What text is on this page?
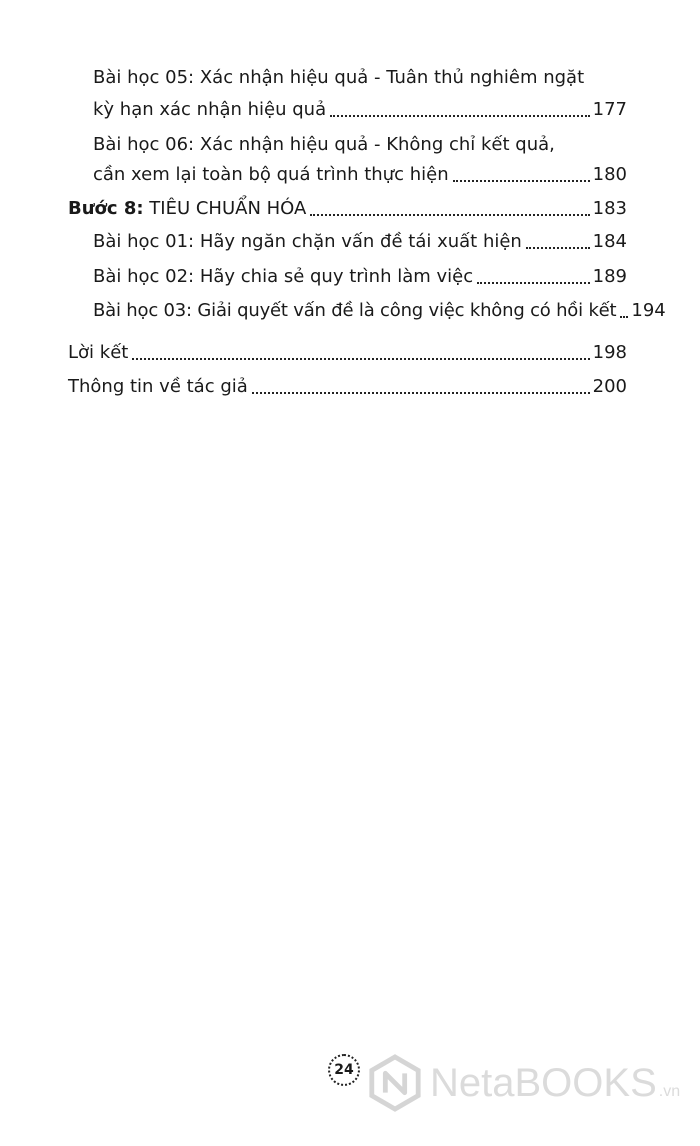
Bài học 05: Xác nhận hiệu quả - Tuân thủ nghiêm ngặt
kỳ hạn xác nhận hiệu quả	177
Bài học 06: Xác nhận hiệu quả - Không chỉ kết quả,
cần xem lại toàn bộ quá trình thực hiện	180
Bước 8: TIÊU CHUẨN HÓA	183
Bài học 01: Hãy ngăn chặn vấn đề tái xuất hiện	184
Bài học 02: Hãy chia sẻ quy trình làm việc	189
Bài học 03: Giải quyết vấn đề là công việc không có hồi kết 194
Lời kết	198
Thông tin về tác giả	200
24 NetaBOOKS .vn
